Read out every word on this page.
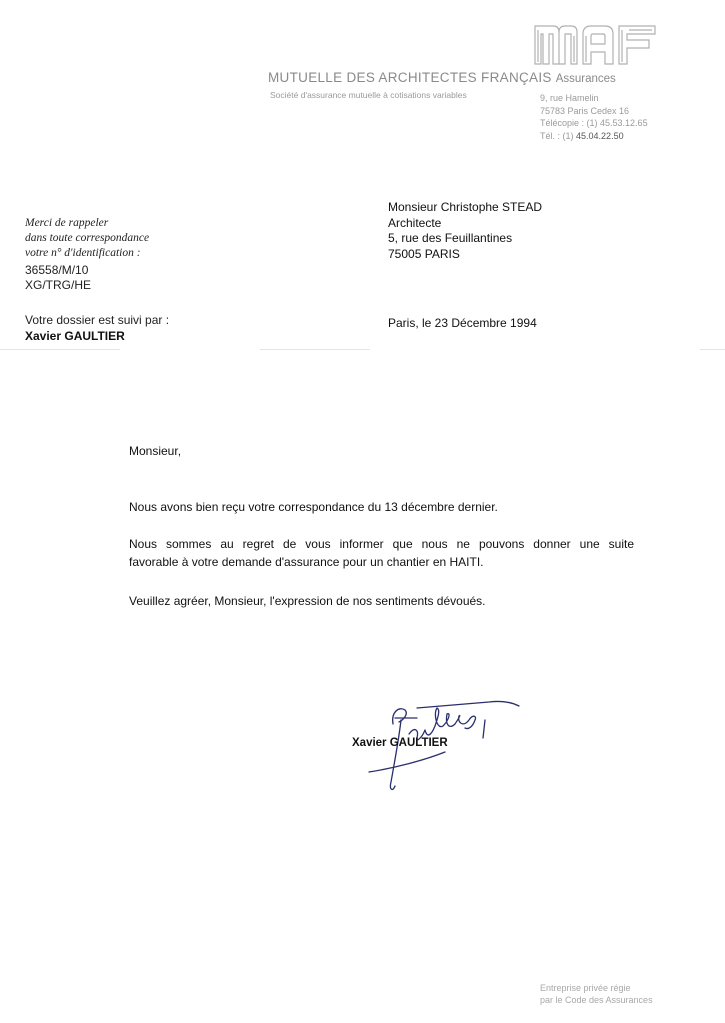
MAF
MUTUELLE DES ARCHITECTES FRANÇAIS Assurances
Société d'assurance mutuelle à cotisations variables	9, rue Hamelin
75783 Paris Cedex 16
Télécopie : (1) 45.53.12.65
Tél. : (1) 45.04.22.50
Merci de rappeler
dans toute correspondance
votre n° d'identification :
36558/M/10
XG/TRG/HE
Votre dossier est suivi par :
Xavier GAULTIER
Monsieur Christophe STEAD
Architecte
5, rue des Feuillantines
75005 PARIS
Paris, le 23 Décembre 1994
Monsieur,
Nous avons bien reçu votre correspondance du 13 décembre dernier.
Nous sommes au regret de vous informer que nous ne pouvons donner une suite
favorable à votre demande d'assurance pour un chantier en HAITI.
Veuillez agréer, Monsieur, l'expression de nos sentiments dévoués.
Gaultier
Xavier GAULTIER
Entreprise privée régie
par le Code des Assurances
